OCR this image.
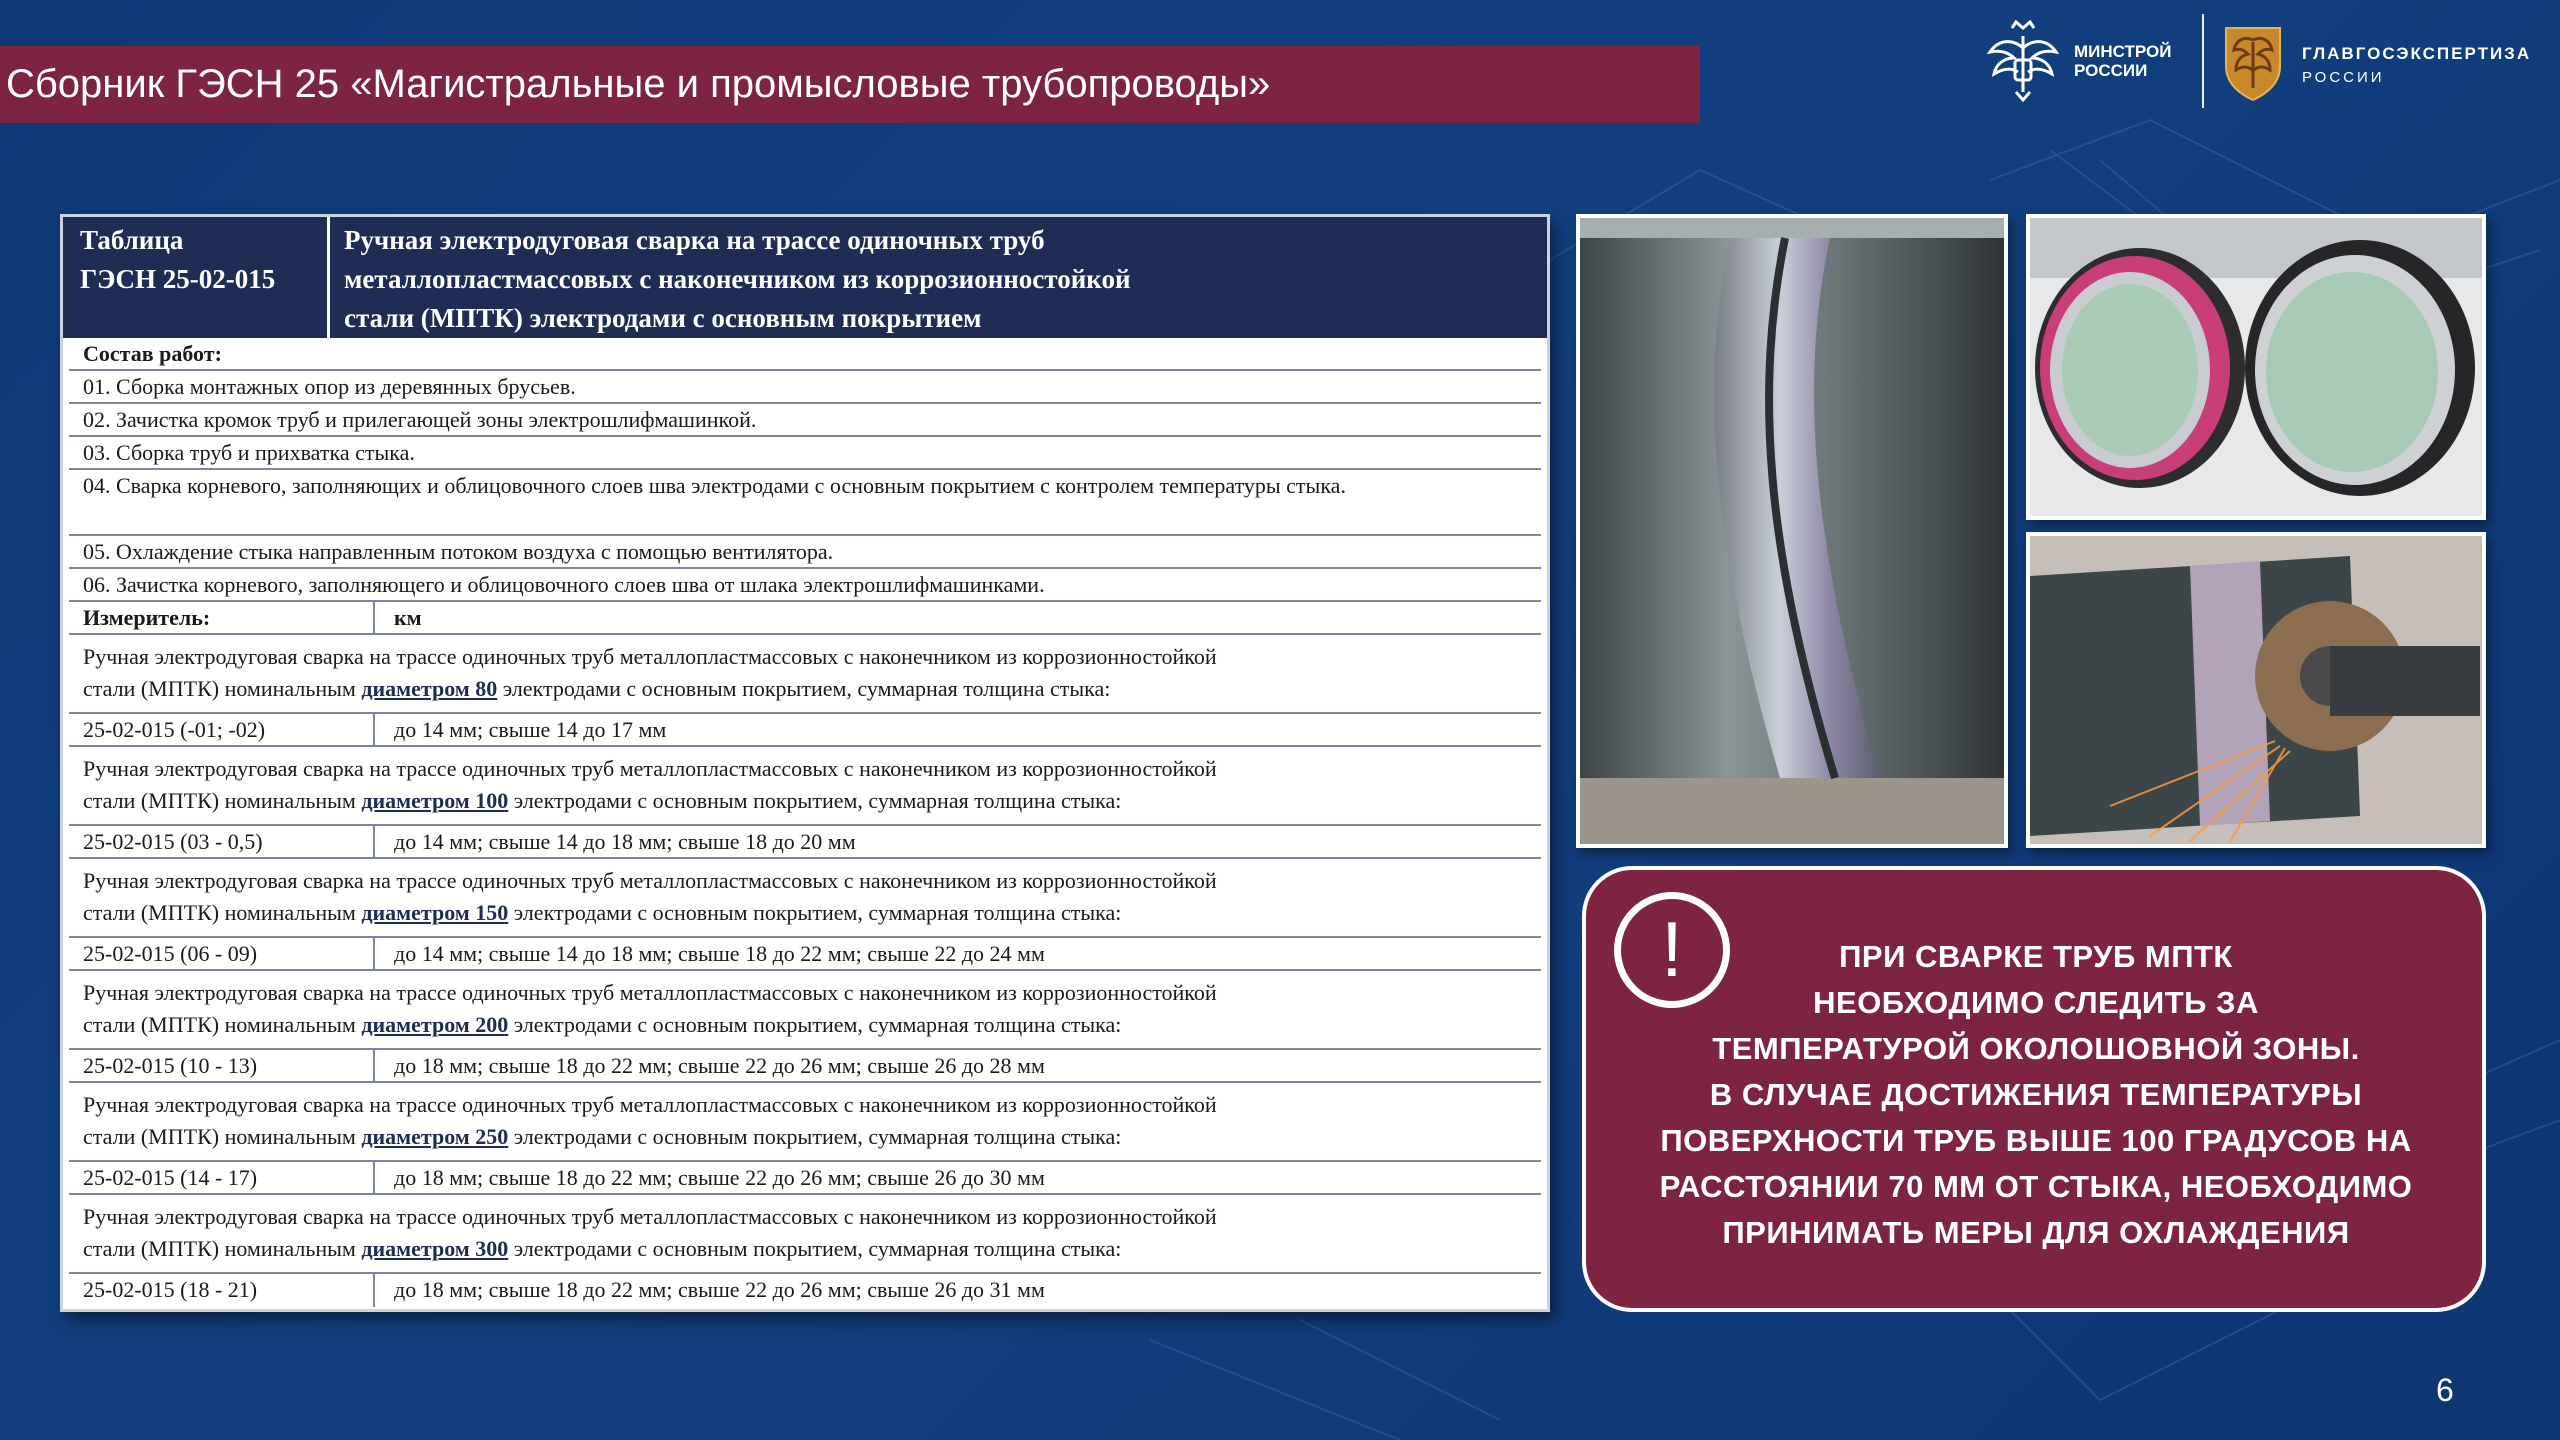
Сборник ГЭСН 25 «Магистральные и промысловые трубопроводы»
МИНСТРОЙ
РОССИИ
ГЛАВГОСЭКСПЕРТИЗА
РОССИИ
Таблица
ГЭСН 25-02-015
Ручная электродуговая сварка на трассе одиночных труб
металлопластмассовых с наконечником из коррозионностойкой
стали (МПТК) электродами с основным покрытием
Состав работ:
01. Сборка монтажных опор из деревянных брусьев.
02. Зачистка кромок труб и прилегающей зоны электрошлифмашинкой.
03. Сборка труб и прихватка стыка.
04. Сварка корневого, заполняющих и облицовочного слоев шва электродами с основным покрытием с контролем температуры стыка.
05. Охлаждение стыка направленным потоком воздуха с помощью вентилятора.
06. Зачистка корневого, заполняющего и облицовочного слоев шва от шлака электрошлифмашинками.
Измеритель:	км
Ручная электродуговая сварка на трассе одиночных труб металлопластмассовых с наконечником из коррозионностойкой
стали (МПТК) номинальным диаметром 80 электродами с основным покрытием, суммарная толщина стыка:
25-02-015 (-01; -02)	до 14 мм; свыше 14 до 17 мм
Ручная электродуговая сварка на трассе одиночных труб металлопластмассовых с наконечником из коррозионностойкой
стали (МПТК) номинальным диаметром 100 электродами с основным покрытием, суммарная толщина стыка:
25-02-015 (03 - 0,5)	до 14 мм; свыше 14 до 18 мм; свыше 18 до 20 мм
Ручная электродуговая сварка на трассе одиночных труб металлопластмассовых с наконечником из коррозионностойкой
стали (МПТК) номинальным диаметром 150 электродами с основным покрытием, суммарная толщина стыка:
25-02-015 (06 - 09)	до 14 мм; свыше 14 до 18 мм; свыше 18 до 22 мм; свыше 22 до 24 мм
Ручная электродуговая сварка на трассе одиночных труб металлопластмассовых с наконечником из коррозионностойкой
стали (МПТК) номинальным диаметром 200 электродами с основным покрытием, суммарная толщина стыка:
25-02-015 (10 - 13)	до 18 мм; свыше 18 до 22 мм; свыше 22 до 26 мм; свыше 26 до 28 мм
Ручная электродуговая сварка на трассе одиночных труб металлопластмассовых с наконечником из коррозионностойкой
стали (МПТК) номинальным диаметром 250 электродами с основным покрытием, суммарная толщина стыка:
25-02-015 (14 - 17)	до 18 мм; свыше 18 до 22 мм; свыше 22 до 26 мм; свыше 26 до 30 мм
Ручная электродуговая сварка на трассе одиночных труб металлопластмассовых с наконечником из коррозионностойкой
стали (МПТК) номинальным диаметром 300 электродами с основным покрытием, суммарная толщина стыка:
25-02-015 (18 - 21)	до 18 мм; свыше 18 до 22 мм; свыше 22 до 26 мм; свыше 26 до 31 мм
!	ПРИ СВАРКЕ ТРУБ МПТК
НЕОБХОДИМО СЛЕДИТЬ ЗА
ТЕМПЕРАТУРОЙ ОКОЛОШОВНОЙ ЗОНЫ.
В СЛУЧАЕ ДОСТИЖЕНИЯ ТЕМПЕРАТУРЫ
ПОВЕРХНОСТИ ТРУБ ВЫШЕ 100 ГРАДУСОВ НА
РАССТОЯНИИ 70 ММ ОТ СТЫКА, НЕОБХОДИМО
ПРИНИМАТЬ МЕРЫ ДЛЯ ОХЛАЖДЕНИЯ
6
